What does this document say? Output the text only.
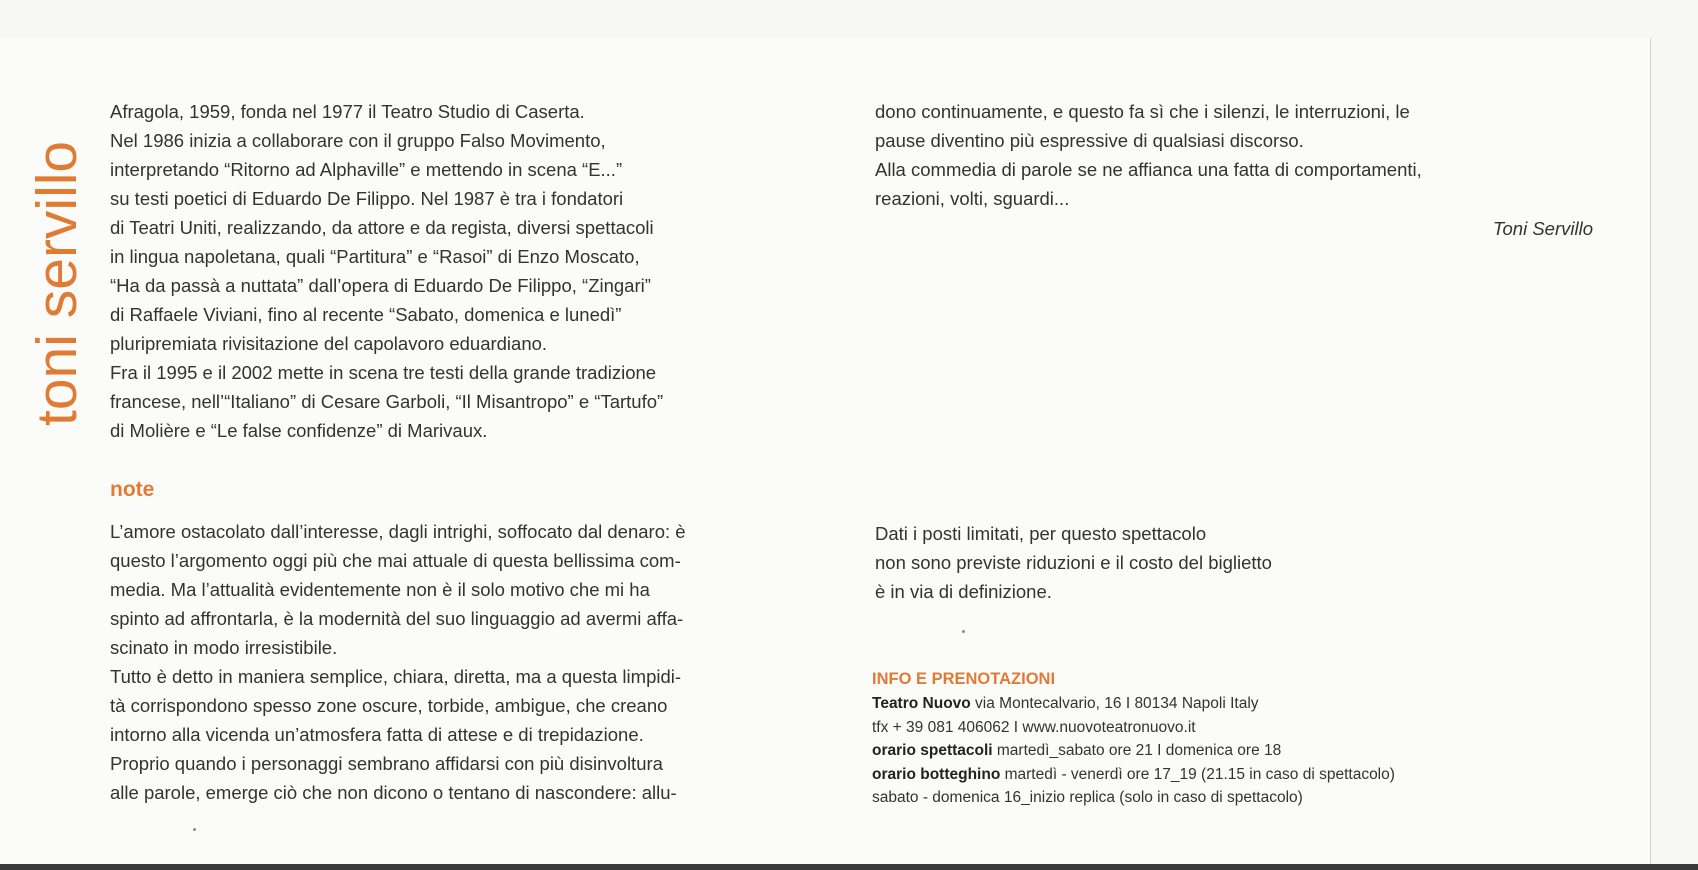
toni servillo

Afragola, 1959, fonda nel 1977 il Teatro Studio di Caserta.

Nel 1986 inizia a collaborare con il gruppo Falso Movimento,

interpretando “Ritorno ad Alphaville” e mettendo in scena “E...”

su testi poetici di Eduardo De Filippo. Nel 1987 è tra i fondatori

di Teatri Uniti, realizzando, da attore e da regista, diversi spettacoli

in lingua napoletana, quali “Partitura” e “Rasoi” di Enzo Moscato,

“Ha da passà a nuttata” dall’opera di Eduardo De Filippo, “Zingari”

di Raffaele Viviani, fino al recente “Sabato, domenica e lunedì”

pluripremiata rivisitazione del capolavoro eduardiano.

Fra il 1995 e il 2002 mette in scena tre testi della grande tradizione

francese, nell’“Italiano” di Cesare Garboli, “Il Misantropo” e “Tartufo”

di Molière e “Le false confidenze” di Marivaux.

note

L’amore ostacolato dall’interesse, dagli intrighi, soffocato dal denaro: è

questo l’argomento oggi più che mai attuale di questa bellissima com-

media. Ma l’attualità evidentemente non è il solo motivo che mi ha

spinto ad affrontarla, è la modernità del suo linguaggio ad avermi affa-

scinato in modo irresistibile.

Tutto è detto in maniera semplice, chiara, diretta, ma a questa limpidi-

tà corrispondono spesso zone oscure, torbide, ambigue, che creano

intorno alla vicenda un’atmosfera fatta di attese e di trepidazione.

Proprio quando i personaggi sembrano affidarsi con più disinvoltura

alle parole, emerge ciò che non dicono o tentano di nascondere: allu-

dono continuamente, e questo fa sì che i silenzi, le interruzioni, le

pause diventino più espressive di qualsiasi discorso.

Alla commedia di parole se ne affianca una fatta di comportamenti,

reazioni, volti, sguardi...

Toni Servillo

Dati i posti limitati, per questo spettacolo

non sono previste riduzioni e il costo del biglietto

è in via di definizione.

INFO E PRENOTAZIONI
Teatro Nuovo via Montecalvario, 16 I 80134 Napoli Italy
tfx + 39 081 406062 I www.nuovoteatronuovo.it
orario spettacoli martedì_sabato ore 21 I domenica ore 18
orario botteghino martedì - venerdì ore 17_19 (21.15 in caso di spettacolo)
sabato - domenica 16_inizio replica (solo in caso di spettacolo)
